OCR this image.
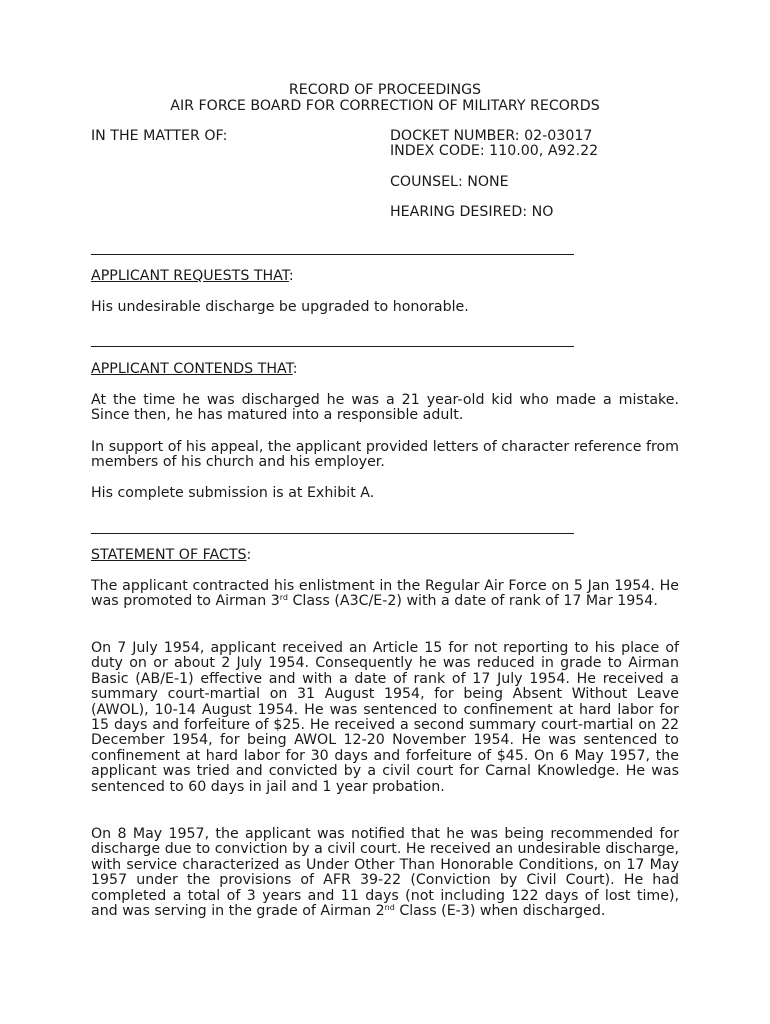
RECORD OF PROCEEDINGS
AIR FORCE BOARD FOR CORRECTION OF MILITARY RECORDS
IN THE MATTER OF:	DOCKET NUMBER: 02-03017
INDEX CODE: 110.00, A92.22
COUNSEL: NONE
HEARING DESIRED: NO
APPLICANT REQUESTS THAT:
His undesirable discharge be upgraded to honorable.
APPLICANT CONTENDS THAT:

At the time he was discharged he was a 21 year-old kid who made a mistake. Since then, he has matured into a responsible adult.

In support of his appeal, the applicant provided letters of character reference from members of his church and his employer.

His complete submission is at Exhibit A.

STATEMENT OF FACTS:

The applicant contracted his enlistment in the Regular Air Force on 5 Jan 1954. He was promoted to Airman 3rd Class (A3C/E-2) with a date of rank of 17 Mar 1954.

On 7 July 1954, applicant received an Article 15 for not reporting to his place of duty on or about 2 July 1954. Consequently he was reduced in grade to Airman Basic (AB/E-1) effective and with a date of rank of 17 July 1954. He received a summary court-martial on 31 August 1954, for being Absent Without Leave (AWOL), 10-14 August 1954. He was sentenced to confinement at hard labor for 15 days and forfeiture of $25. He received a second summary court-martial on 22 December 1954, for being AWOL 12-20 November 1954. He was sentenced to confinement at hard labor for 30 days and forfeiture of $45. On 6 May 1957, the applicant was tried and convicted by a civil court for Carnal Knowledge. He was sentenced to 60 days in jail and 1 year probation.

On 8 May 1957, the applicant was notified that he was being recommended for discharge due to conviction by a civil court. He received an undesirable discharge, with service characterized as Under Other Than Honorable Conditions, on 17 May 1957 under the provisions of AFR 39-22 (Conviction by Civil Court). He had completed a total of 3 years and 11 days (not including 122 days of lost time), and was serving in the grade of Airman 2nd Class (E-3) when discharged.
